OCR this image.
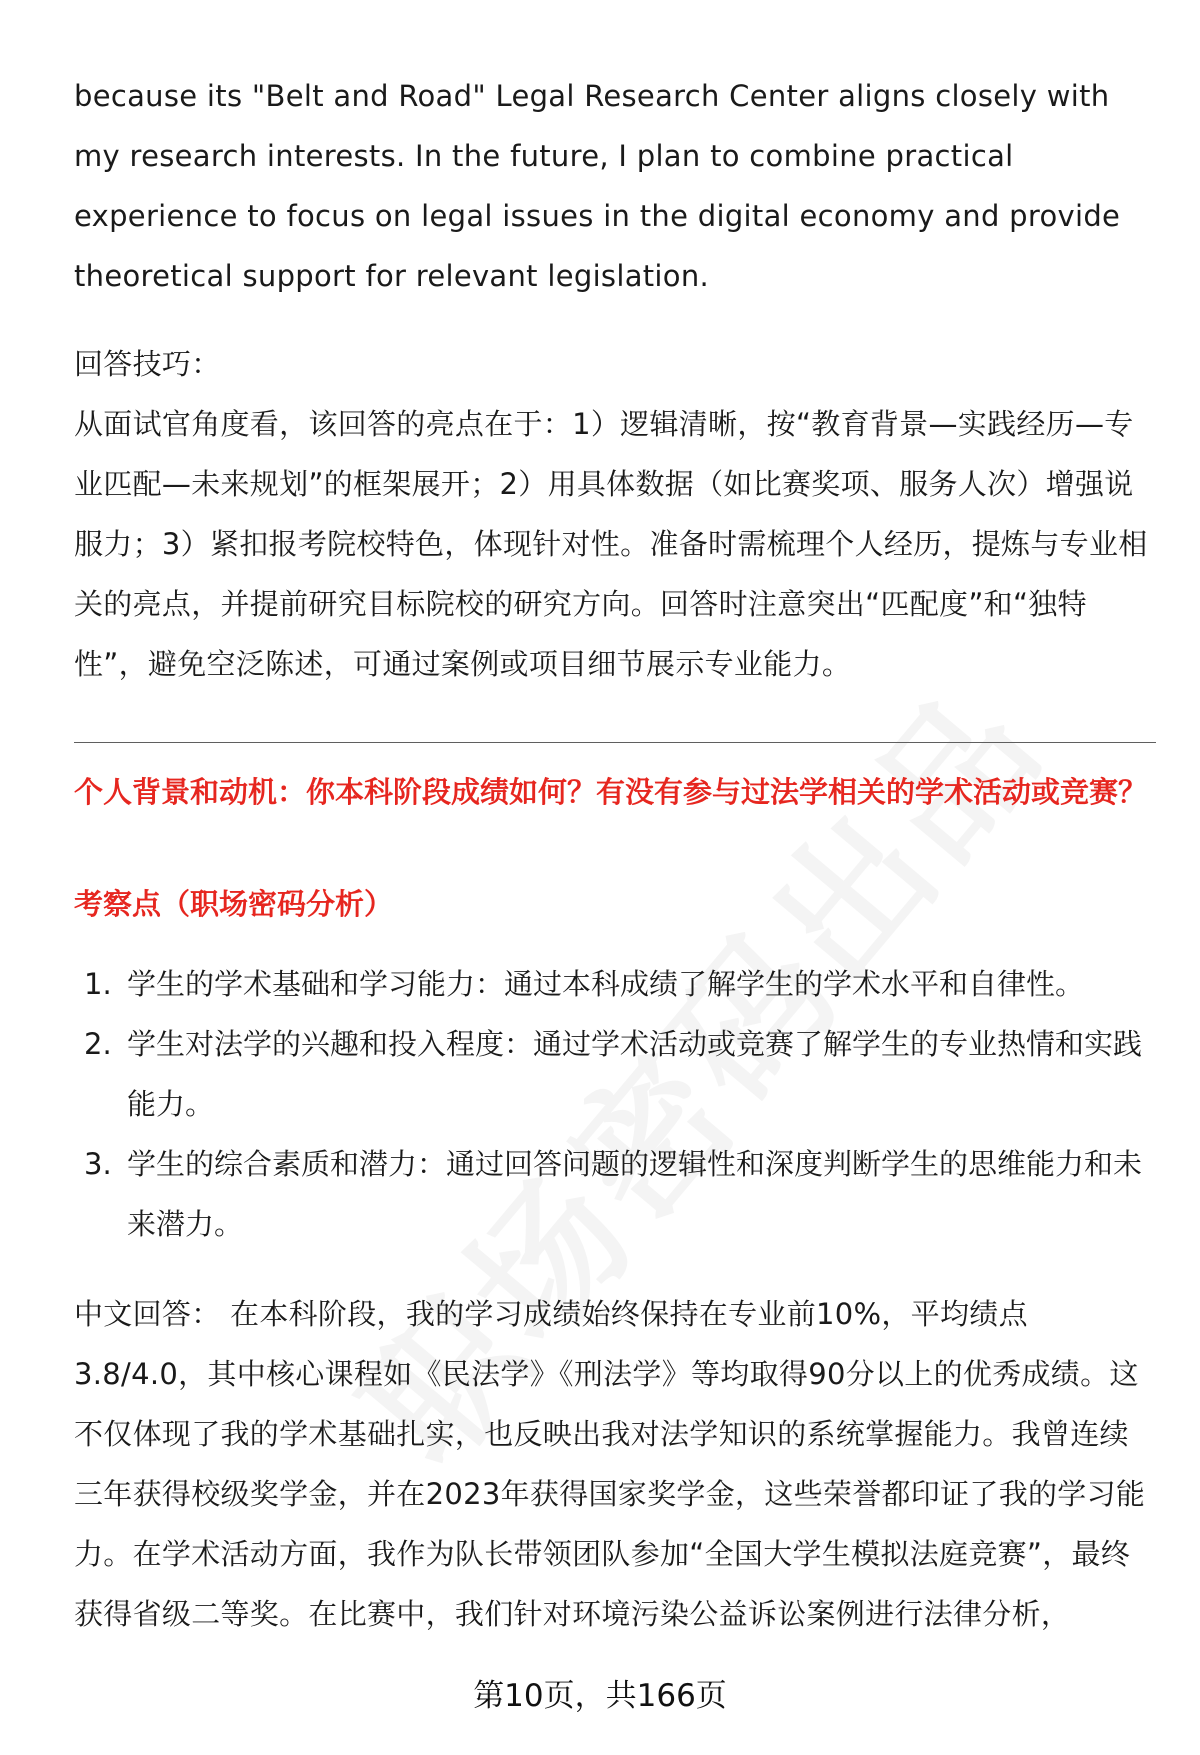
because its "Belt and Road" Legal Research Center aligns closely with my research interests. In the future, I plan to combine practical experience to focus on legal issues in the digital economy and provide theoretical support for relevant legislation.

回答技巧：

从面试官角度看，该回答的亮点在于：1）逻辑清晰，按“教育背景—实践经历—专业匹配—未来规划”的框架展开；2）用具体数据（如比赛奖项、服务人次）增强说服力；3）紧扣报考院校特色，体现针对性。准备时需梳理个人经历，提炼与专业相关的亮点，并提前研究目标院校的研究方向。回答时注意突出“匹配度”和“独特性”，避免空泛陈述，可通过案例或项目细节展示专业能力。

个人背景和动机：你本科阶段成绩如何？有没有参与过法学相关的学术活动或竞赛？
考察点（职场密码分析）
1. 学生的学术基础和学习能力：通过本科成绩了解学生的学术水平和自律性。
2. 学生对法学的兴趣和投入程度：通过学术活动或竞赛了解学生的专业热情和实践能力。
3. 学生的综合素质和潜力：通过回答问题的逻辑性和深度判断学生的思维能力和未来潜力。

中文回答： 在本科阶段，我的学习成绩始终保持在专业前10%，平均绩点3.8/4.0，其中核心课程如《民法学》《刑法学》等均取得90分以上的优秀成绩。这不仅体现了我的学术基础扎实，也反映出我对法学知识的系统掌握能力。我曾连续三年获得校级奖学金，并在2023年获得国家奖学金，这些荣誉都印证了我的学习能力。在学术活动方面，我作为队长带领团队参加“全国大学生模拟法庭竞赛”，最终获得省级二等奖。在比赛中，我们针对环境污染公益诉讼案例进行法律分析，

第10页，共166页
